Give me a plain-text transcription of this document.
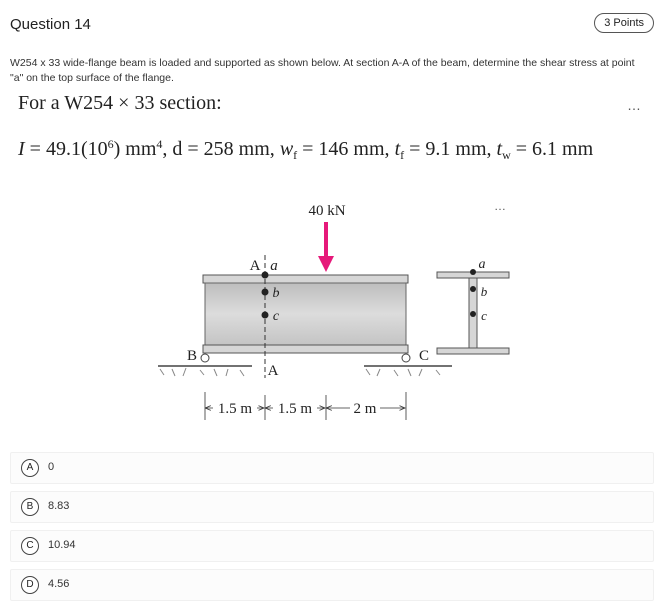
Question 14	3 Points
W254 x 33 wide-flange beam is loaded and supported as shown below. At section A-A of the beam, determine the shear stress at point "a" on the top surface of the flange.
For a W254 × 33 section:	…
$I = 49.1(10^6)$ $mm^4$, d = 258 mm, $w_f = 146$ mm, $t_f = 9.1$ mm, $t_w = 6.1$ mm
40 kN	…
A a
b
c
A
B	C
1.5 m 1.5 m	2 m
a
b
c
A	0
B	8.83
C	10.94
D	4.56
